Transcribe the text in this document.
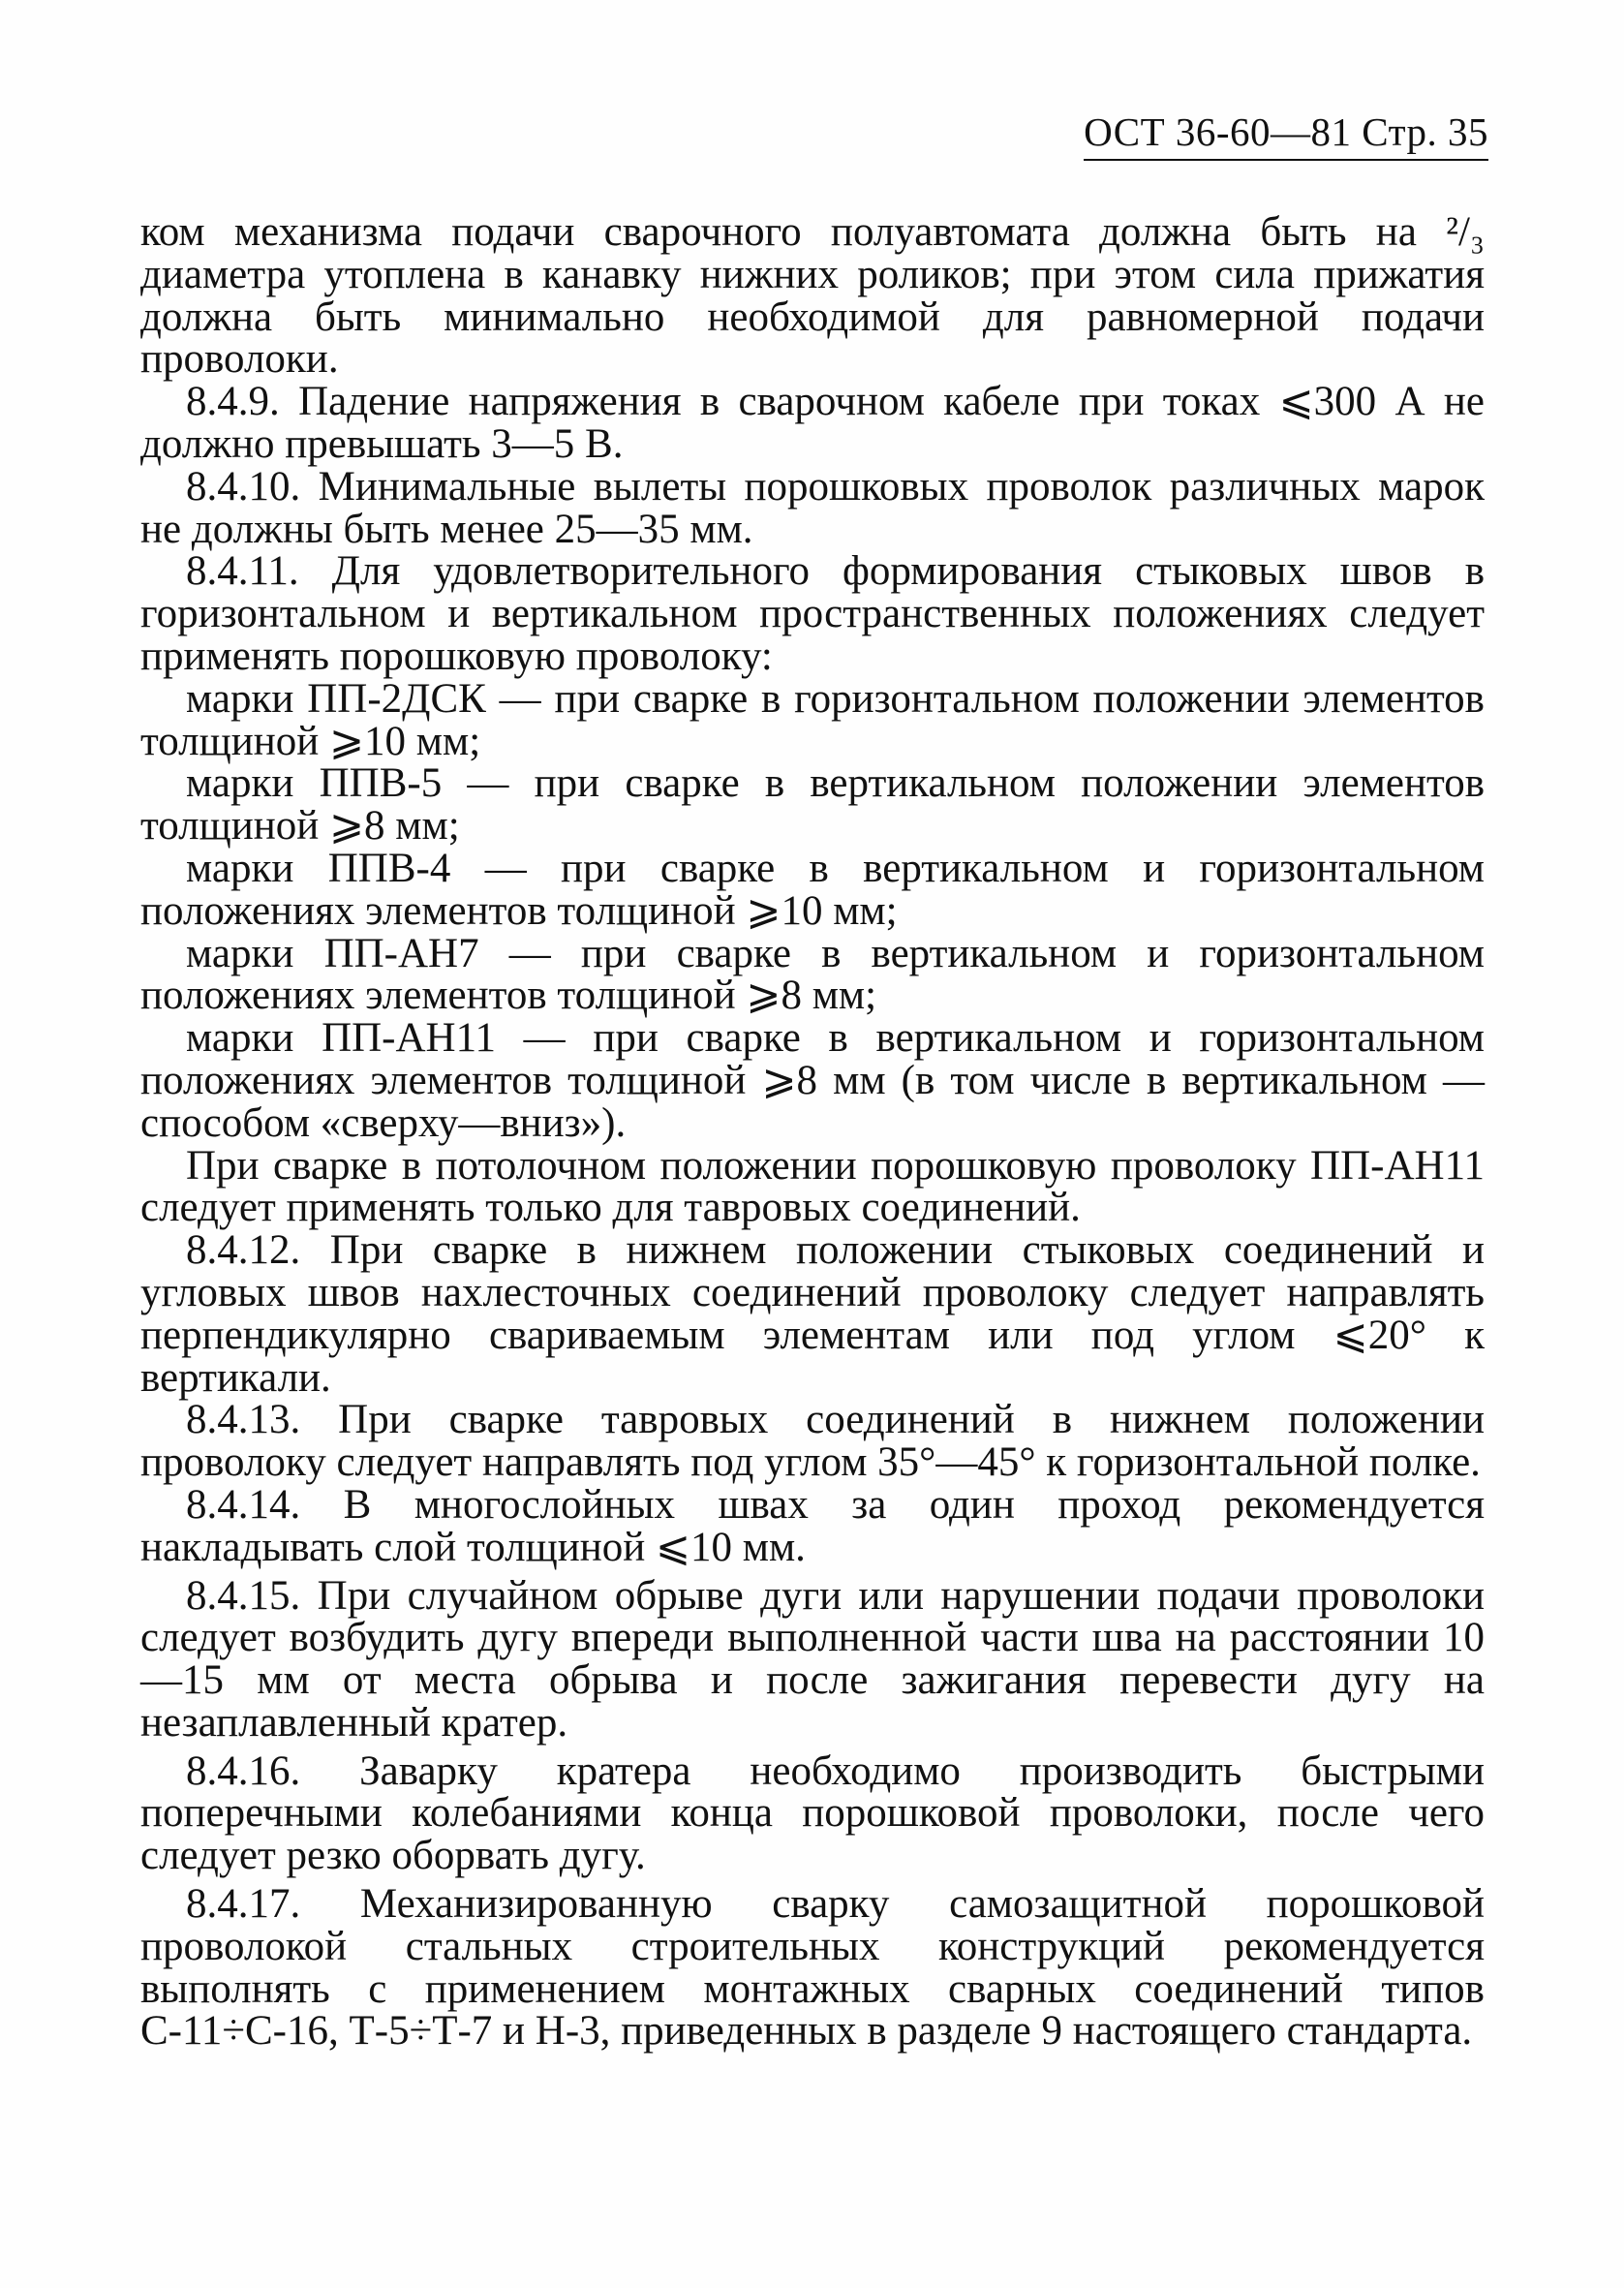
ОСТ 36-60—81 Стр. 35

ком механизма подачи сварочного полуавтомата должна быть на ²/₃ диаметра утоплена в канавку нижних роликов; при этом сила прижатия должна быть минимально необходимой для равномерной подачи проволоки.

8.4.9. Падение напряжения в сварочном кабеле при токах ⩽300 А не должно превышать 3—5 В.

8.4.10. Минимальные вылеты порошковых проволок различных марок не должны быть менее 25—35 мм.

8.4.11. Для удовлетворительного формирования стыковых швов в горизонтальном и вертикальном пространственных положениях следует применять порошковую проволоку:

марки ПП-2ДСК — при сварке в горизонтальном положении элементов толщиной ⩾10 мм;

марки ППВ-5 — при сварке в вертикальном положении элементов толщиной ⩾8 мм;

марки ППВ-4 — при сварке в вертикальном и горизонтальном положениях элементов толщиной ⩾10 мм;

марки ПП-АН7 — при сварке в вертикальном и горизонтальном положениях элементов толщиной ⩾8 мм;

марки ПП-АН11 — при сварке в вертикальном и горизонтальном положениях элементов толщиной ⩾8 мм (в том числе в вертикальном — способом «сверху—вниз»).

При сварке в потолочном положении порошковую проволоку ПП-АН11 следует применять только для тавровых соединений.

8.4.12. При сварке в нижнем положении стыковых соединений и угловых швов нахлесточных соединений проволоку следует направлять перпендикулярно свариваемым элементам или под углом ⩽20° к вертикали.

8.4.13. При сварке тавровых соединений в нижнем положении проволоку следует направлять под углом 35°—45° к горизонтальной полке.

8.4.14. В многослойных швах за один проход рекомендуется накладывать слой толщиной ⩽10 мм.

8.4.15. При случайном обрыве дуги или нарушении подачи проволоки следует возбудить дугу впереди выполненной части шва на расстоянии 10—15 мм от места обрыва и после зажигания перевести дугу на незаплавленный кратер.

8.4.16. Заварку кратера необходимо производить быстрыми поперечными колебаниями конца порошковой проволоки, после чего следует резко оборвать дугу.

8.4.17. Механизированную сварку самозащитной порошковой проволокой стальных строительных конструкций рекомендуется выполнять с применением монтажных сварных соединений типов С-11÷С-16, Т-5÷Т-7 и Н-3, приведенных в разделе 9 настоящего стандарта.
